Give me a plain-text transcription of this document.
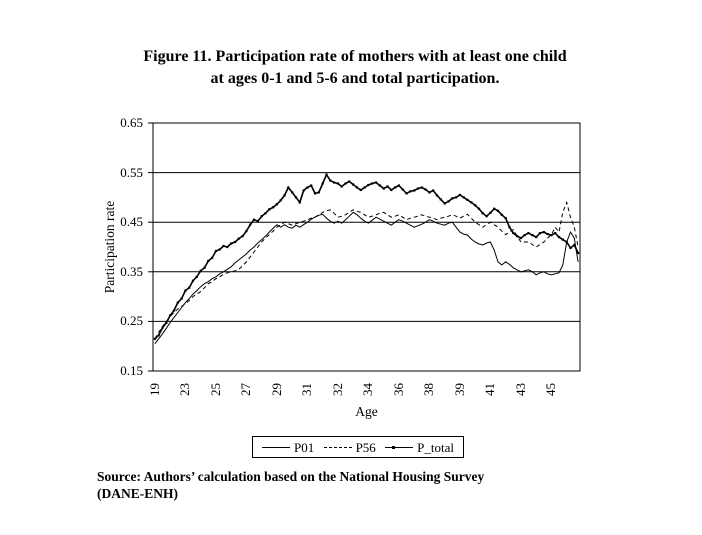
Figure 11. Participation rate of mothers with at least one child
at ages 0-1 and 5-6 and total participation.
Participation rate
0.15
0.25
0.35
0.45
0.55
0.65
19 23 25 27 29 31 32 34 36 38 39 41 43 45
Age
P01	P56	P_total
Source: Authors’ calculation based on the National Housing Survey
(DANE-ENH)
